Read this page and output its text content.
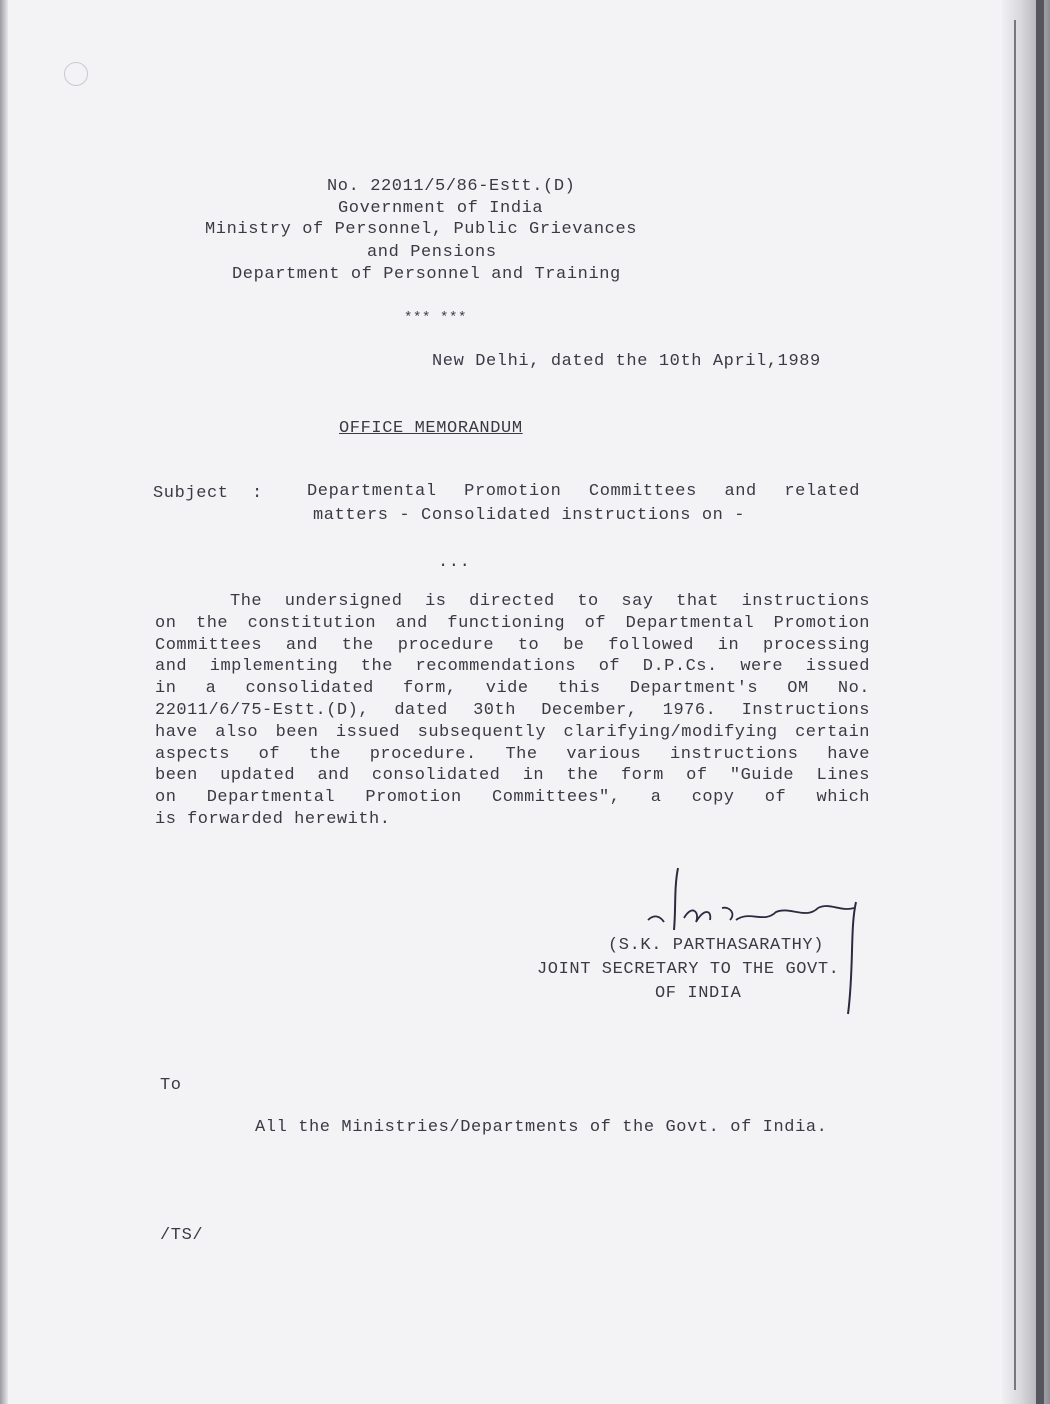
No. 22011/5/86-Estt.(D)
Government of India
Ministry of Personnel, Public Grievances
and Pensions
Department of Personnel and Training
*** ***
New Delhi, dated the 10th April,1989
OFFICE MEMORANDUM
Subject :	Departmental Promotion Committees and related
matters - Consolidated instructions on -
...
The undersigned is directed to say that instructions
on the constitution and functioning of Departmental Promotion
Committees and the procedure to be followed in processing
and implementing the recommendations of D.P.Cs. were issued
in a consolidated form, vide this Department's OM No.
22011/6/75-Estt.(D), dated 30th December, 1976. Instructions
have also been issued subsequently clarifying/modifying certain
aspects of the procedure. The various instructions have
been updated and consolidated in the form of "Guide Lines
on Departmental Promotion Committees", a copy of which
is forwarded herewith.
(S.K. PARTHASARATHY)
JOINT SECRETARY TO THE GOVT.
OF INDIA
To
All the Ministries/Departments of the Govt. of India.
/TS/
